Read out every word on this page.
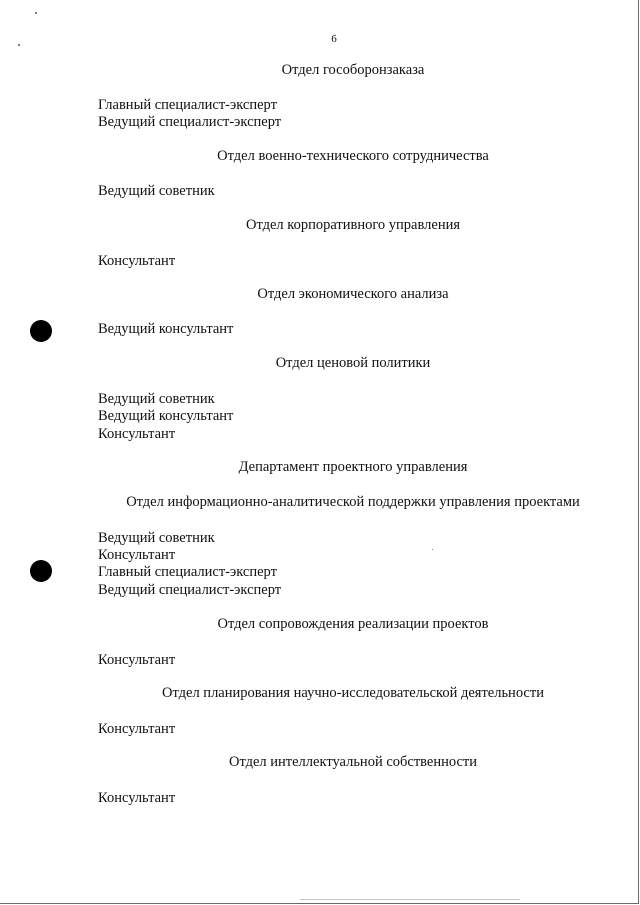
6
Отдел гособоронзаказа
Главный специалист-эксперт
Ведущий специалист-эксперт
Отдел военно-технического сотрудничества
Ведущий советник
Отдел корпоративного управления
Консультант
Отдел экономического анализа
Ведущий консультант
Отдел ценовой политики
Ведущий советник
Ведущий консультант
Консультант
Департамент проектного управления
Отдел информационно-аналитической поддержки управления проектами
Ведущий советник
Консультант
Главный специалист-эксперт
Ведущий специалист-эксперт
Отдел сопровождения реализации проектов
Консультант
Отдел планирования научно-исследовательской деятельности
Консультант
Отдел интеллектуальной собственности
Консультант
